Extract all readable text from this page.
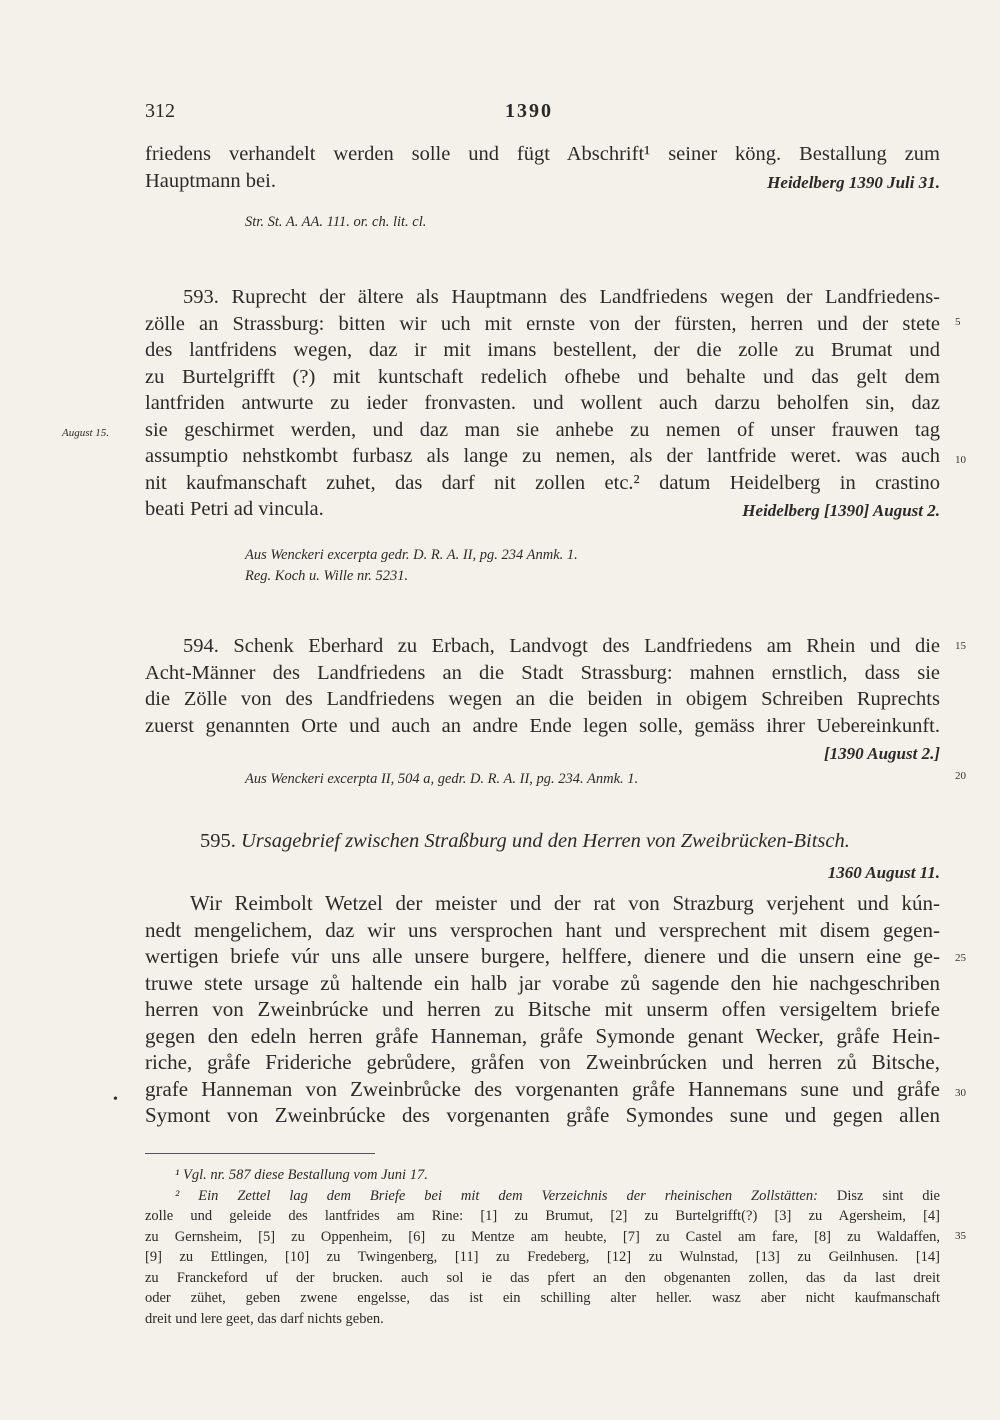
312	1390
friedens verhandelt werden solle und fügt Abschrift¹ seiner köng. Bestallung zum
Hauptmann bei.	Heidelberg 1390 Juli 31.
Str. St. A. AA. 111. or. ch. lit. cl.
593. Ruprecht der ältere als Hauptmann des Landfriedens wegen der Landfriedens-
zölle an Strassburg: bitten wir uch mit ernste von der fürsten, herren und der stete
des lantfridens wegen, daz ir mit imans bestellent, der die zolle zu Brumat und
zu Burtelgrifft (?) mit kuntschaft redelich ofhebe und behalte und das gelt dem
lantfriden antwurte zu ieder fronvasten. und wollent auch darzu beholfen sin, daz
sie geschirmet werden, und daz man sie anhebe zu nemen of unser frauwen tag
assumptio nehstkombt furbasz als lange zu nemen, als der lantfride weret. was auch
nit kaufmanschaft zuhet, das darf nit zollen etc.² datum Heidelberg in crastino
beati Petri ad vincula.	Heidelberg [1390] August 2.
August 15.
Aus Wenckeri excerpta gedr. D. R. A. II, pg. 234 Anmk. 1.
Reg. Koch u. Wille nr. 5231.
594. Schenk Eberhard zu Erbach, Landvogt des Landfriedens am Rhein und die
Acht-Männer des Landfriedens an die Stadt Strassburg: mahnen ernstlich, dass sie
die Zölle von des Landfriedens wegen an die beiden in obigem Schreiben Ruprechts
zuerst genannten Orte und auch an andre Ende legen solle, gemäss ihrer Uebereinkunft.
[1390 August 2.]
Aus Wenckeri excerpta II, 504 a, gedr. D. R. A. II, pg. 234. Anmk. 1.
595. Ursagebrief zwischen Straßburg und den Herren von Zweibrücken-Bitsch.
1360 August 11.
Wir Reimbolt Wetzel der meister und der rat von Strazburg verjehent und kún-
nedt mengelichem, daz wir uns versprochen hant und versprechent mit disem gegen-
wertigen briefe vúr uns alle unsere burgere, helffere, dienere und die unsern eine ge-
truwe stete ursage zů haltende ein halb jar vorabe zů sagende den hie nachgeschriben
herren von Zweinbrúcke und herren zu Bitsche mit unserm offen versigeltem briefe
gegen den edeln herren gråfe Hanneman, gråfe Symonde genant Wecker, gråfe Hein-
riche, gråfe Frideriche gebrůdere, gråfen von Zweinbrúcken und herren zů Bitsche,
grafe Hanneman von Zweinbrůcke des vorgenanten gråfe Hannemans sune und gråfe
Symont von Zweinbrúcke des vorgenanten gråfe Symondes sune und gegen allen
•
5
10
15
20
25
30
35
¹ Vgl. nr. 587 diese Bestallung vom Juni 17.
² Ein Zettel lag dem Briefe bei mit dem Verzeichnis der rheinischen Zollstätten: Disz sint die
zolle und geleide des lantfrides am Rine: [1] zu Brumut, [2] zu Burtelgrifft(?) [3] zu Agersheim, [4]
zu Gernsheim, [5] zu Oppenheim, [6] zu Mentze am heubte, [7] zu Castel am fare, [8] zu Waldaffen,
[9] zu Ettlingen, [10] zu Twingenberg, [11] zu Fredeberg, [12] zu Wulnstad, [13] zu Geilnhusen. [14]
zu Franckeford uf der brucken. auch sol ie das pfert an den obgenanten zollen, das da last dreit
oder zühet, geben zwene engelsse, das ist ein schilling alter heller. wasz aber nicht kaufmanschaft
dreit und lere geet, das darf nichts geben.
